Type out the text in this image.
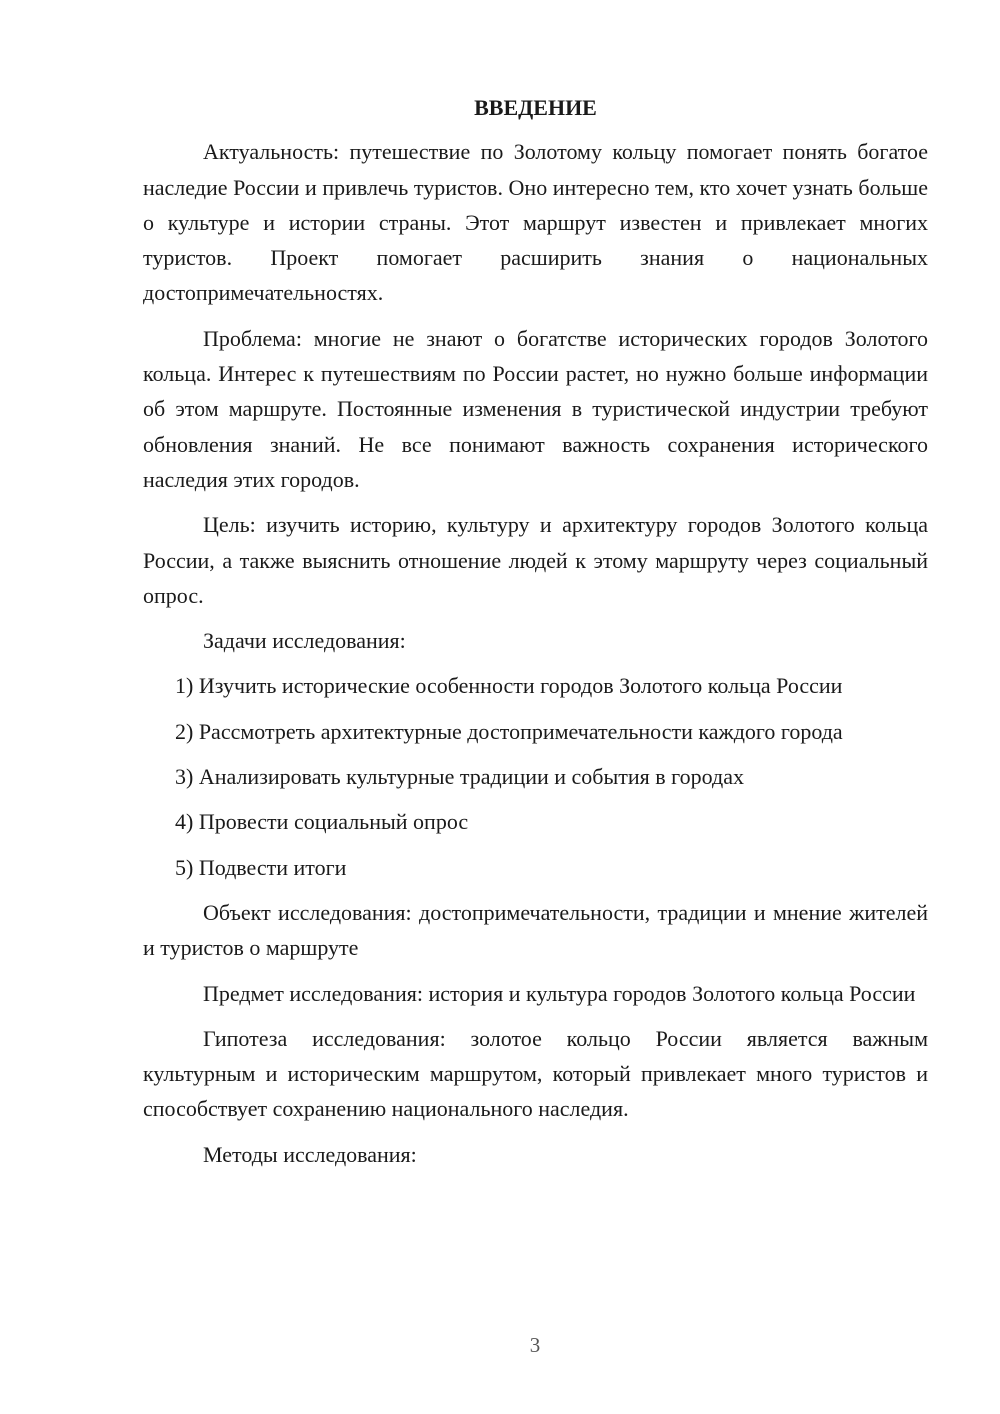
ВВЕДЕНИЕ

Актуальность: путешествие по Золотому кольцу помогает понять богатое наследие России и привлечь туристов. Оно интересно тем, кто хочет узнать больше о культуре и истории страны. Этот маршрут известен и привлекает многих туристов. Проект помогает расширить знания о национальных достопримечательностях.

Проблема: многие не знают о богатстве исторических городов Золотого кольца. Интерес к путешествиям по России растет, но нужно больше информации об этом маршруте. Постоянные изменения в туристической индустрии требуют обновления знаний. Не все понимают важность сохранения исторического наследия этих городов.

Цель: изучить историю, культуру и архитектуру городов Золотого кольца России, а также выяснить отношение людей к этому маршруту через социальный опрос.

Задачи исследования:

1) Изучить исторические особенности городов Золотого кольца России

2) Рассмотреть архитектурные достопримечательности каждого города

3) Анализировать культурные традиции и события в городах

4) Провести социальный опрос

5) Подвести итоги

Объект исследования: достопримечательности, традиции и мнение жителей и туристов о маршруте

Предмет исследования: история и культура городов Золотого кольца России

Гипотеза исследования: золотое кольцо России является важным культурным и историческим маршрутом, который привлекает много туристов и способствует сохранению национального наследия.

Методы исследования:

3
